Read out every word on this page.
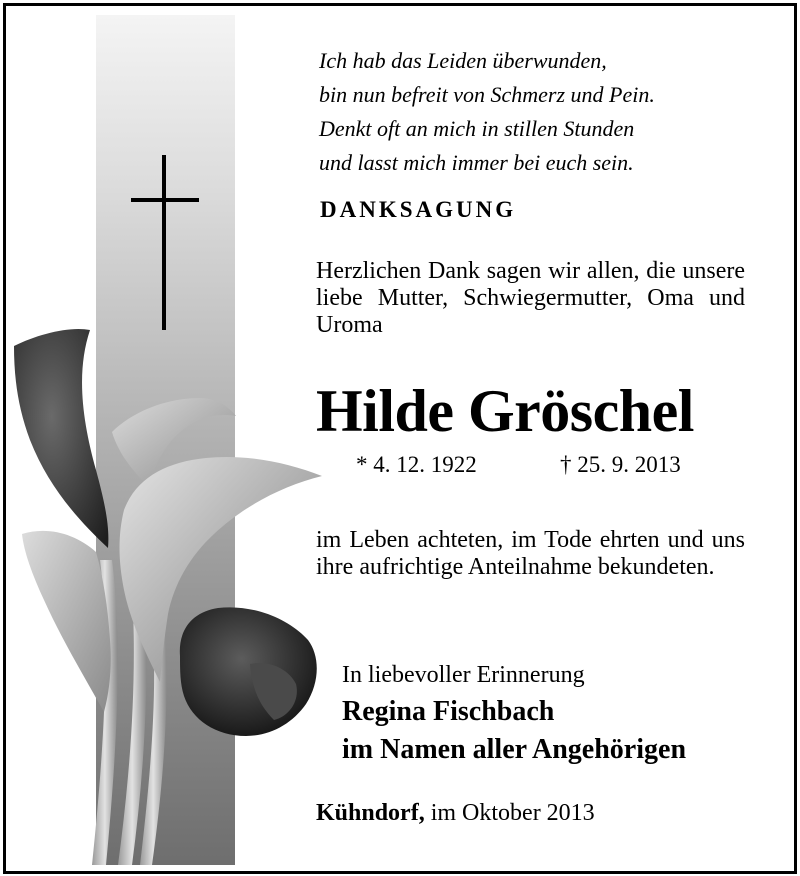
Ich hab das Leiden überwunden,
bin nun befreit von Schmerz und Pein.
Denkt oft an mich in stillen Stunden
und lasst mich immer bei euch sein.
DANKSAGUNG
Herzlichen Dank sagen wir allen, die unsere liebe Mutter, Schwiegermutter, Oma und Uroma
Hilde Gröschel
* 4. 12. 1922	† 25. 9. 2013
im Leben achteten, im Tode ehrten und uns ihre aufrichtige Anteilnahme bekundeten.
In liebevoller Erinnerung
Regina Fischbach
im Namen aller Angehörigen
Kühndorf, im Oktober 2013
